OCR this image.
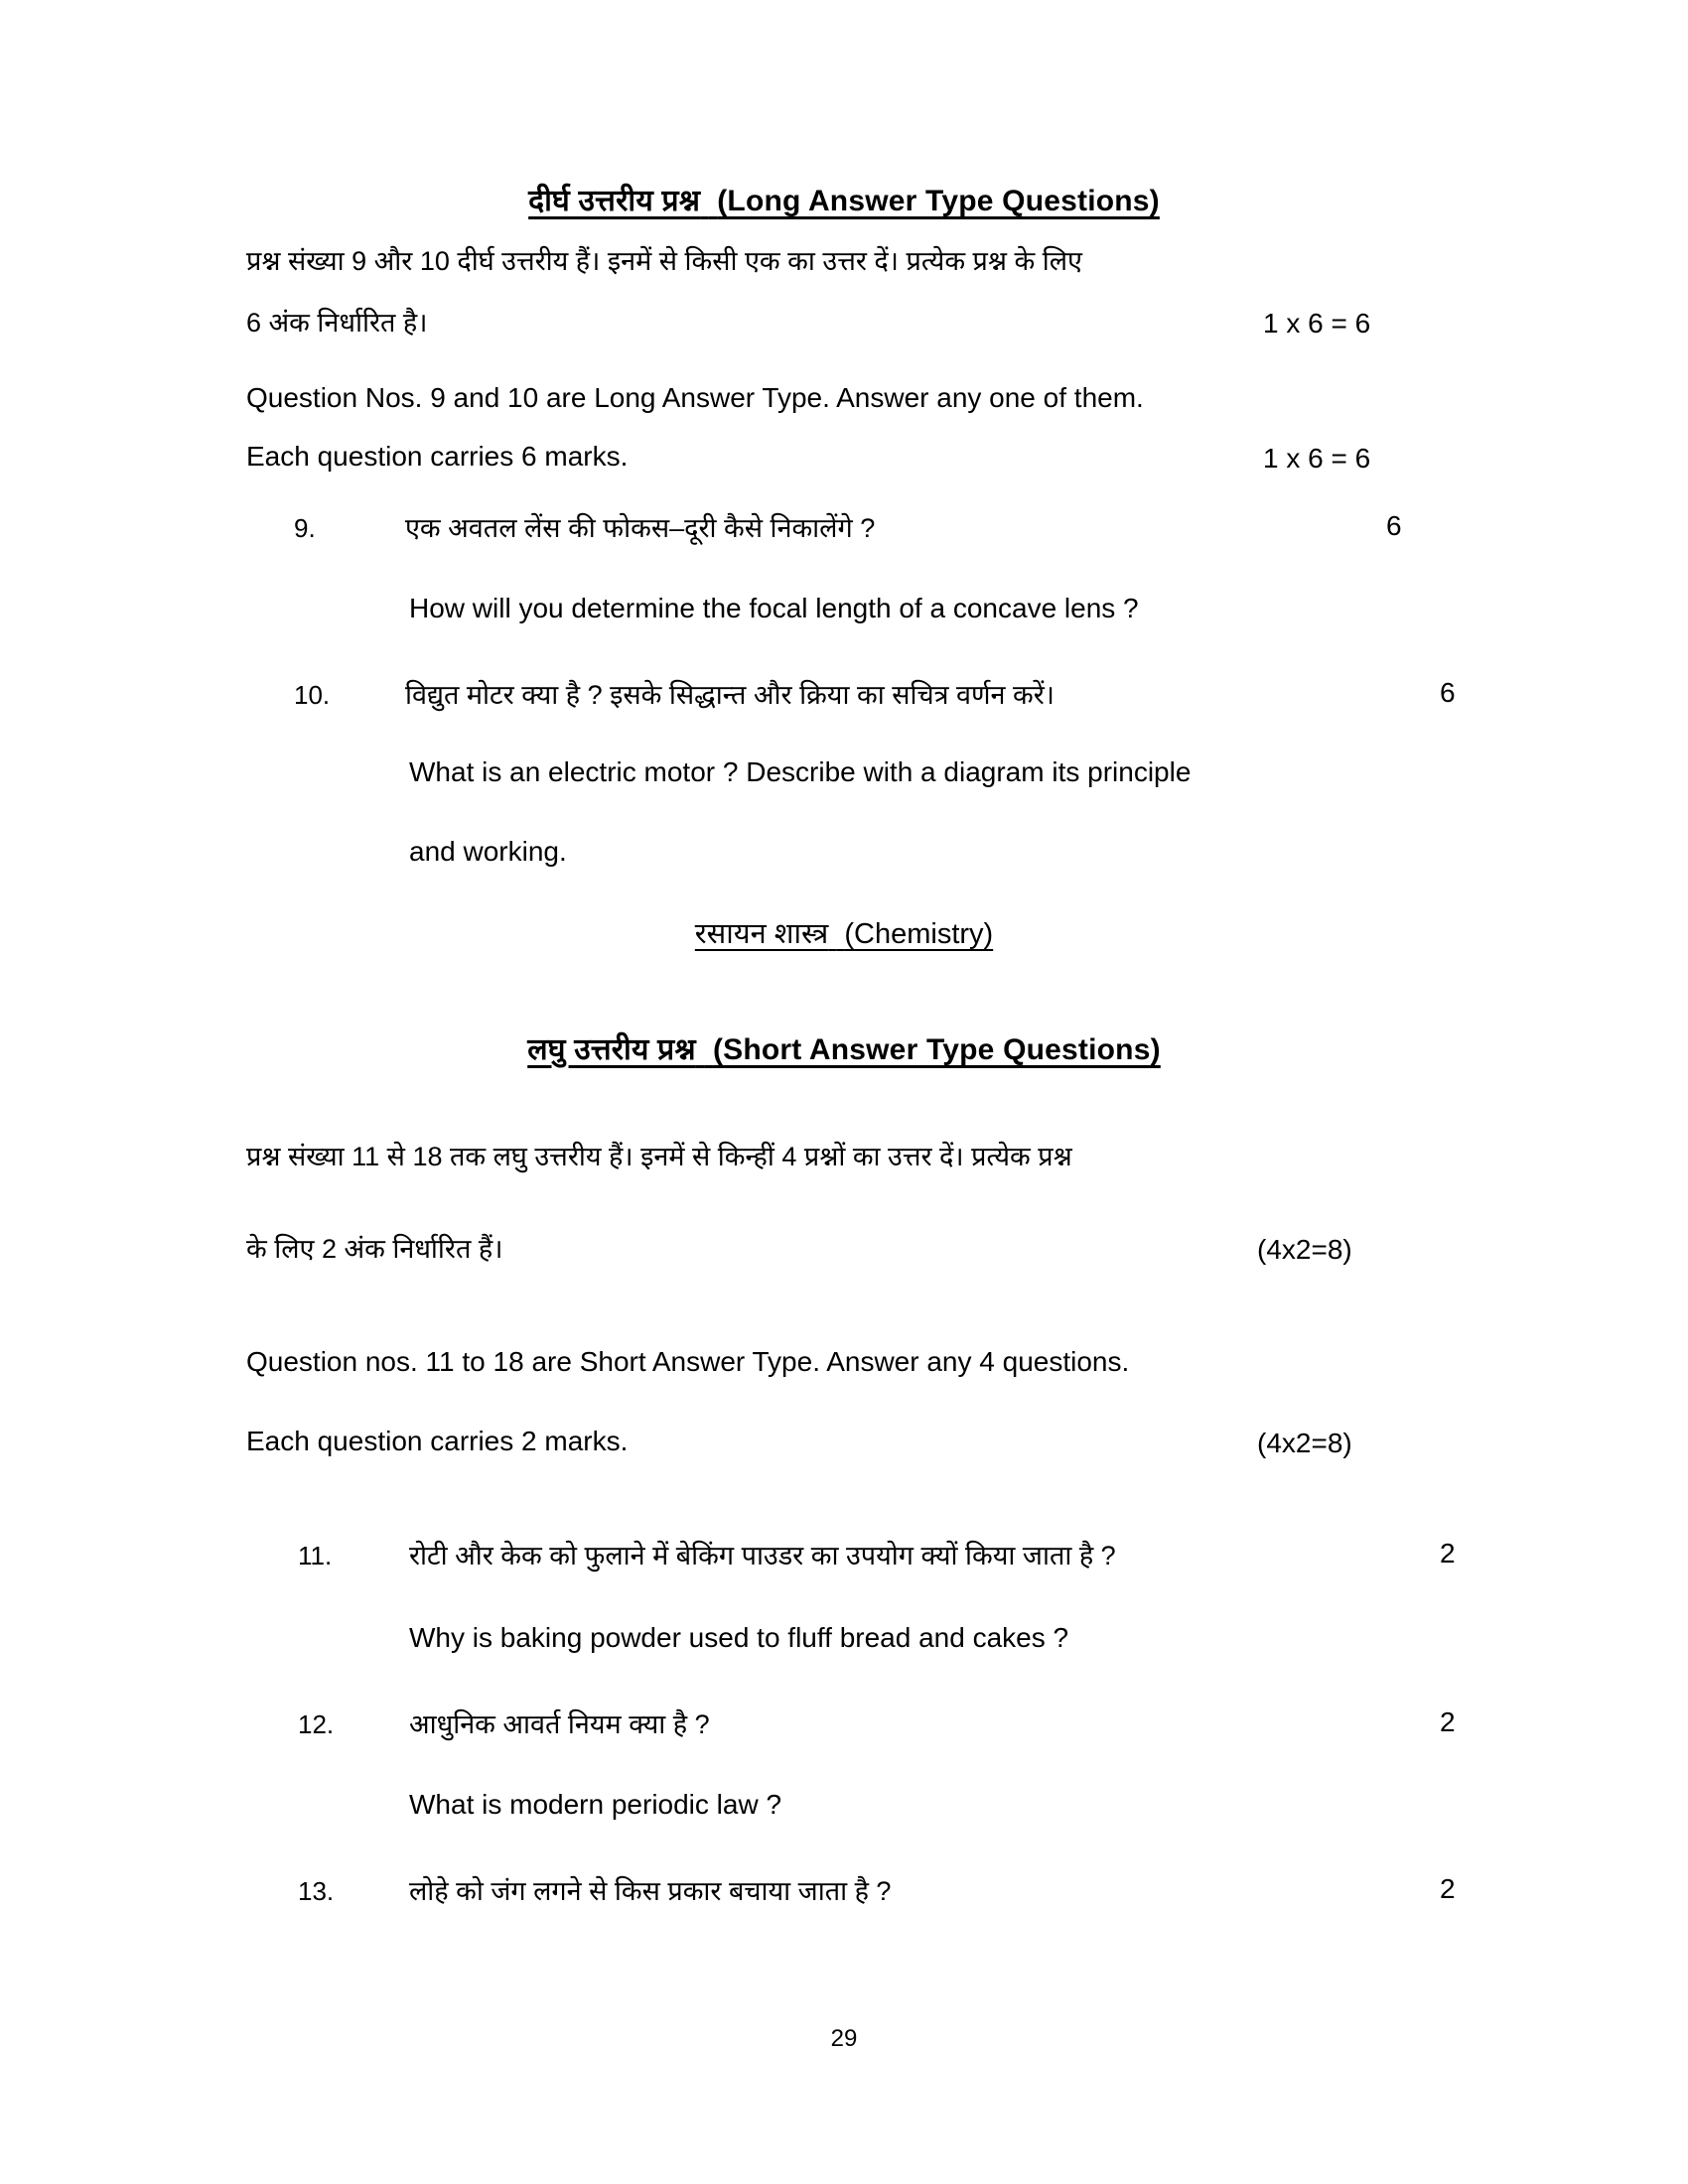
दीर्घ उत्तरीय प्रश्न (Long Answer Type Questions)
प्रश्न संख्या 9 और 10 दीर्घ उत्तरीय हैं। इनमें से किसी एक का उत्तर दें। प्रत्येक प्रश्न के लिए
6 अंक निर्धारित है।	1 x 6 = 6
Question Nos. 9 and 10 are Long Answer Type. Answer any one of them.
Each question carries 6 marks.	1 x 6 = 6
9.	एक अवतल लेंस की फोकस–दूरी कैसे निकालेंगे ?	6
How will you determine the focal length of a concave lens ?
10.	विद्युत मोटर क्या है ? इसके सिद्धान्त और क्रिया का सचित्र वर्णन करें।	6
What is an electric motor ? Describe with a diagram its principle
and working.
रसायन शास्त्र (Chemistry)
लघु उत्तरीय प्रश्न (Short Answer Type Questions)
प्रश्न संख्या 11 से 18 तक लघु उत्तरीय हैं। इनमें से किन्हीं 4 प्रश्नों का उत्तर दें। प्रत्येक प्रश्न
के लिए 2 अंक निर्धारित हैं।	(4x2=8)
Question nos. 11 to 18 are Short Answer Type. Answer any 4 questions.
Each question carries 2 marks.	(4x2=8)
11.	रोटी और केक को फुलाने में बेकिंग पाउडर का उपयोग क्यों किया जाता है ?	2
Why is baking powder used to fluff bread and cakes ?
12.	आधुनिक आवर्त नियम क्या है ?	2
What is modern periodic law ?
13.	लोहे को जंग लगने से किस प्रकार बचाया जाता है ?	2
29
